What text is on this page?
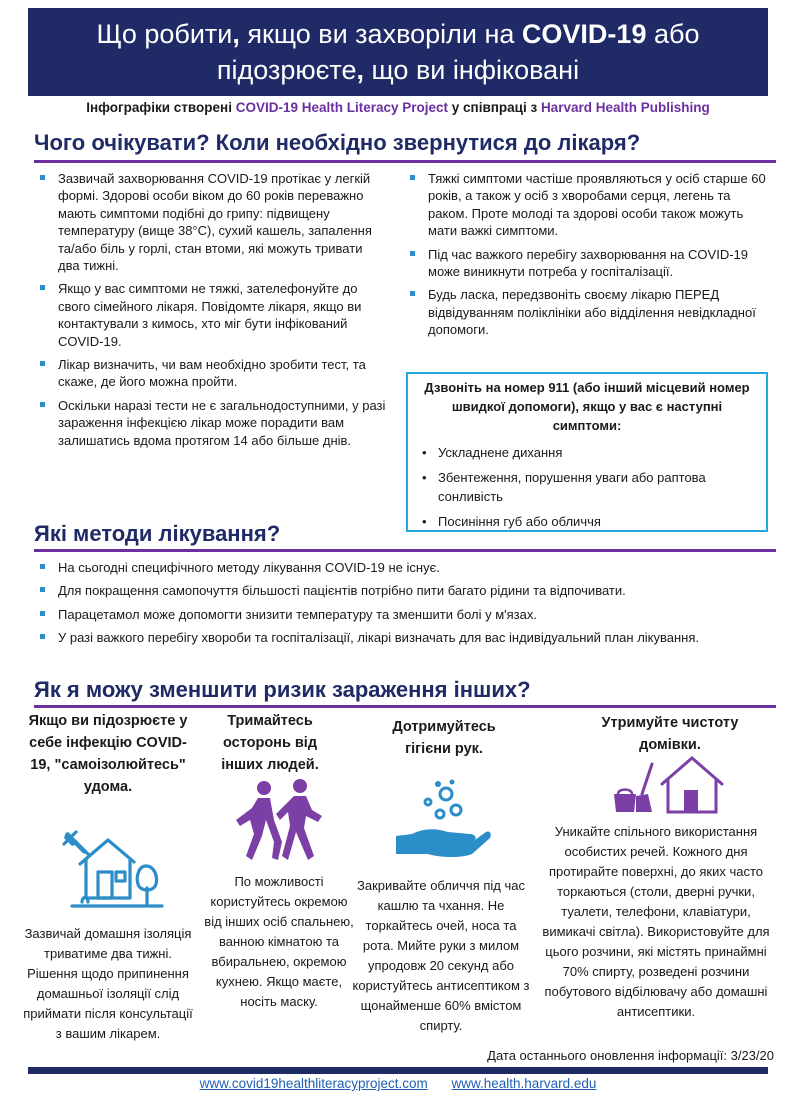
Що робити, якщо ви захворіли на COVID-19 або
підозрюєте, що ви інфіковані
Інфографіки створені COVID-19 Health Literacy Project у співпраці з Harvard Health Publishing
Чого очікувати? Коли необхідно звернутися до лікаря?
Зазвичай захворювання COVID-19 протікає у легкій формі. Здорові особи віком до 60 років переважно мають симптоми подібні до грипу: підвищену температуру (вище 38°C), сухий кашель, запалення та/або біль у горлі, стан втоми, які можуть тривати два тижні.
Якщо у вас симптоми не тяжкі, зателефонуйте до свого сімейного лікаря. Повідомте лікаря, якщо ви контактували з кимось, хто міг бути інфікований COVID-19.
Лікар визначить, чи вам необхідно зробити тест, та скаже, де його можна пройти.
Оскільки наразі тести не є загальнодоступними, у разі зараження інфекцією лікар може порадити вам залишатись вдома протягом 14 або більше днів.
Тяжкі симптоми частіше проявляються у осіб старше 60 років, а також у осіб з хворобами серця, легень та раком. Проте молоді та здорові особи також можуть мати важкі симптоми.
Під час важкого перебігу захворювання на COVID-19 може виникнути потреба у госпіталізації.
Будь ласка, передзвоніть своєму лікарю ПЕРЕД відвідуванням поліклініки або відділення невідкладної допомоги.
Дзвоніть на номер 911 (або інший місцевий номер швидкої допомоги), якщо у вас є наступні симптоми:
• Ускладнене дихання
• Збентеження, порушення уваги або раптова сонливість
• Посиніння губ або обличчя
Які методи лікування?
На сьогодні специфічного методу лікування COVID-19 не існує.
Для покращення самопочуття більшості пацієнтів потрібно пити багато рідини та відпочивати.
Парацетамол може допомогти знизити температуру та зменшити болі у м'язах.
У разі важкого перебігу хвороби та госпіталізації, лікарі визначать для вас індивідуальний план лікування.
Як я можу зменшити ризик зараження інших?
Якщо ви підозрюєте у себе інфекцію COVID-19, "самоізолюйтесь" удома.
Зазвичай домашня ізоляція триватиме два тижні. Рішення щодо припинення домашньої ізоляції слід приймати після консультації з вашим лікарем.
Тримайтесь осторонь від інших людей.
По можливості користуйтесь окремою від інших осіб спальнею, ванною кімнатою та вбиральнею, окремою кухнею. Якщо маєте, носіть маску.
Дотримуйтесь гігієни рук.
Закривайте обличчя під час кашлю та чхання. Не торкайтесь очей, носа та рота. Мийте руки з милом упродовж 20 секунд або користуйтесь антисептиком з щонайменше 60% вмістом спирту.
Утримуйте чистоту домівки.
Уникайте спільного використання особистих речей. Кожного дня протирайте поверхні, до яких часто торкаються (столи, дверні ручки, туалети, телефони, клавіатури, вимикачі світла). Використовуйте для цього розчини, які містять принаймні 70% спирту, розведені розчини побутового відбілювачу або домашні антисептики.
Дата останнього оновлення інформації: 3/23/20
www.covid19healthliteracyproject.com www.health.harvard.edu
